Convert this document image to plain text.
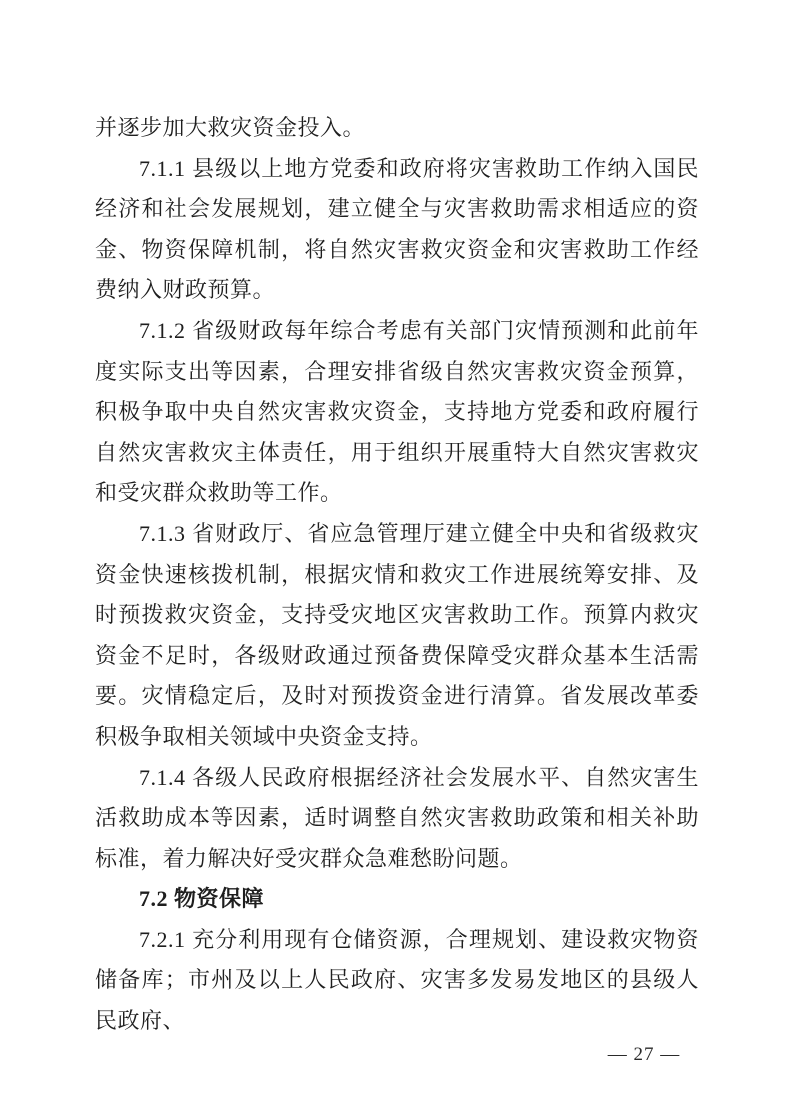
并逐步加大救灾资金投入。

7.1.1 县级以上地方党委和政府将灾害救助工作纳入国民经济和社会发展规划，建立健全与灾害救助需求相适应的资金、物资保障机制，将自然灾害救灾资金和灾害救助工作经费纳入财政预算。

7.1.2 省级财政每年综合考虑有关部门灾情预测和此前年度实际支出等因素，合理安排省级自然灾害救灾资金预算，积极争取中央自然灾害救灾资金，支持地方党委和政府履行自然灾害救灾主体责任，用于组织开展重特大自然灾害救灾和受灾群众救助等工作。

7.1.3 省财政厅、省应急管理厅建立健全中央和省级救灾资金快速核拨机制，根据灾情和救灾工作进展统筹安排、及时预拨救灾资金，支持受灾地区灾害救助工作。预算内救灾资金不足时，各级财政通过预备费保障受灾群众基本生活需要。灾情稳定后，及时对预拨资金进行清算。省发展改革委积极争取相关领域中央资金支持。

7.1.4 各级人民政府根据经济社会发展水平、自然灾害生活救助成本等因素，适时调整自然灾害救助政策和相关补助标准，着力解决好受灾群众急难愁盼问题。

7.2 物资保障

7.2.1 充分利用现有仓储资源，合理规划、建设救灾物资储备库；市州及以上人民政府、灾害多发易发地区的县级人民政府、

— 27 —
